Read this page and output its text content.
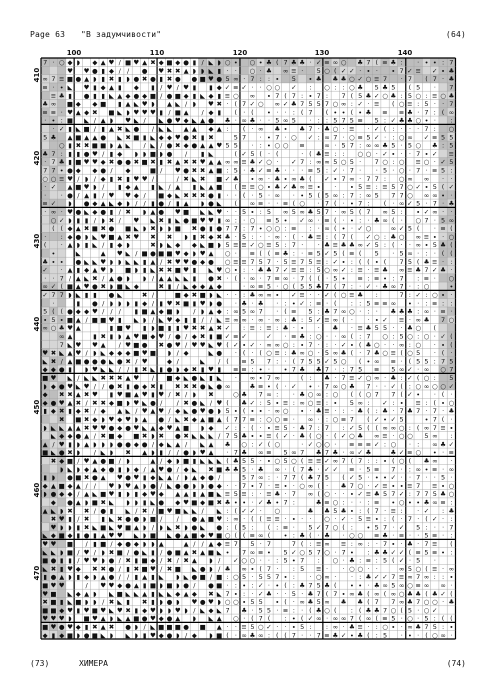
Page 63 "В задумчивости"	(64)
100	110	120	130	140
410
420
430
440
450
460
470
7 ⋅ ○ ◆ ◗ ◆ ▲ ♥ / ■ ♥ ▲ ✖ ◆ ■ ◆ ● ▮ / ◣ ◗ ○ ∙ ○ ∙ ♣ ( 7 ♣ ♣ ⋅ ✓ ≡ ∞ ○ ♣ 7 ( ≡ ♣ : · ∙ ∙ : 7
♥ ♥ ● ▮ ◆ / / ● ♥ ✖ ✖ ▲ ◗ ◗ ◣ ▮ ⋅ · ○ · ♣ ∞ ≡ ⋅ 5 ○ ( ✓ ✓ ⋅ ∙ ⋅ ∙ 7 ✓ ≡ ✓ ∙ ♣
∞ 7 ≡ ■ ● ▲ ◗ ▮ ✖ ▮ ◗ ● ✖ ● ▮ ✖ ● ● ■ ♥ ● 5 ∞ ⋅ 7 : : ∙ 5 ∙ ♣ ♣ ♣ ○ ✓ ○ ≡ 7 ⋅ 7 ( 7 · ♣
≡ · ∙ ◣ ♥ ▮ ◆ ▲ ▮ ◆ ▮ / ♥ / ♥ ▮ ▮ ◆ ✓ ≡ ✓ · · ○ ○ ✓ : ○ : : ○ ♣ 5 ♣ 5 ( 5 ⋅ 7
≡ ♣ ▮ ● ▮ ▮ ◣ ▲ ◆ ● ◆ ■ / ● ■ ◆ ▮ ◣ ◆ ▮ ≡ ○ ∞ ∙ 7 ( 7 : ∙ 7 : 7 ( 5 ♣ ✓ ○ ♣ : 5 ○ : ≡ ○ ♣
♣ ∞ ■ ◆ ◆ ■ ▮ ▲ ◣ ♥ ◗ ▲ ◣ / ◗ ♥ ✖ · ( 7 ✓ ○ ∞ ✓ ♣ 7 5 5 7 ○ ∞ : ✓ · ≡ ( ○ ≡ : 5 ⋅ ⋅ 7
≡ ≡ ⋅ ♥ ▲ ◆ ✖ ■ ◣ ◗ ♥ ♥ ♥ ▮ / ■ ▲ / ◆ ▮ ( ⋅ ( ∙ ⋅ ⋅ : ( 7 ( ∙ ∙ ( ∙ ♣ ≡ ≡ ♣ ⋅ 7 : ( ∞
⋅ ∙ : ■ ◣ / ▲ ◗ ♥ ◣ / ◣ ● ♥ ◆ ◣ ▲ ● ♣ · ∞ ♣ · ⋅ 5 ∞ 5 · : : 5 7 5 ≡ 5 : ✓ ♣ ♣ ○ ∙ ⋅ :
· ✓ ▮ ◣ ■ / ▮ ▲ ✖ ◣ ● / ◣ ◣ ▲ ▲ ◆ ▲ : ( · ∞ ♣ ∙ ♣ 7 ⋅ ♣ ○ · ≡ · ✓ ( : · ⋅ · 7 : ○
5 ♣ ▲ ■ ▲ ▲ ● ◣ ✖ ■ ▮ ◣ ◆ ◆ ♥ ● ✖ ▮ ✖	5 7 · ∙ 7 · ○ ✓ : ∞ 7 · ○ ≡ 5 ✓ ⋅ : ○ ∞ ✓ ≡ 5 5
○ ▮ ✖ ✖ ■ ■ ◗ ▲ ◣ / ◣ / ● ✖ ◆ ● ▲ ▲ ♥ 5 5 ⋅ : ∙ ○ ○ ≡	∞ ⋅ 5 7 : ∞ ∞ ♣ 5 · 5 ○ ♣ : 5
♣ 7 : ▮ ▮ ● ♥ / ▮ ◆ ◗ ◗ ■ ◗ ● / ▮ ◣	( ✓ 5 ( ⋅ (	⋅ ( ♣ ≡ : : ○ ○ · ✓ ∙ · · 7 ∙ ✓ ≡
⋅ 7 ♣ ▮ ■ ♥ ♥ ◆ ✖ ● ● ✖ ■ ✖ ▮ ✖ ▲ ✖ ✖ ♥ ▲ ▲ ∞ ∞ ≡ ♣ ✓ ○ ⋅ ✓ 7 : ∞ ∞ 5 ○ 5 · 7 ○ : ○ ≡ ○ · ✓ 5
7 7 ∙ ● ◆ ◆ ● / ◆	■ / ♥ ● ✖ ✖ ▲ ■ : 5 ⋅ ♣ ✓ ≡ ♣ ⋅ · ⋅ ≡ 5 : ✓ · 7 · · 5 · ○ · 7 ⋅ ≡ 5 :
○ ○ ≡ ♥ / ◗ / ◆ ▮ ✖ ▮ ♥ ♥ /	/ ✖ ◣ ✖ ■ ✓ ♣ ∙ ∞ · ♣ ∙ ∞ ♣ ( ✓ ∙ 7 ∞ · 7 7 : ○ ∞ ∞ · ·
⋅ ✓ ▲ ■ ♥ ◗ / ▮ ◆ ▲ ▮ ◣ / ▲ ▮ ◣ ▲ ■ ( ≡ ≡ ○ ∙ ♣ ✓ ♣ ∞ ≡ ∙ · ∙ 5 ≡ : ≡ 5 7 ○ ✓ ∙ 5 ( ✓
· ⋅ ● / ▲ ▮ / ♥ ♥ ◆ / ■ ◆ ◣ ✖ ✖ ✖ ● ▮ · · ( · 5 ⋅ ∞ · ∙ 5 ( 5 ∞ : 7 : ∞ 5 7 7 ○ ∞ ∞ ∙ ⋅
≡ ✓ ◗ ● ◆ ▲ ◣ ◆ ◗ / / ▮ ● / ▮ ▲ ◗ ● ◣ ( ∞ ≡ ⋅ · ≡ ( ○ · 7 ( · ∙ 7 : ( ⋅ ∞ ✓ 5 · 7 ⋅ ♣
⋅ ∞ ⋅ ♥ ● ◣ ◆ ● ▮ / ✖ ◗ ▲ ● ♥ ■ ◣ ◣ ♥ ⋅ ⋅ 5 ∙ : 5 ∞ 5 ∞ ♣ 5 7 ⋅ ∞ 5 ( 7 ∞ 5 : ∙ ✓ ∞ ⋅ ·
○ ✓ ◗ ▮ ▮ / ◗ ✖ / ♥ ◣ ✖ ▮ ◣ ● ■ ♥ ♥ ▮ ∞ : · ○ ≡ 5 ∙ ✓ ∞ · ≡ ( ⋅ ∙ : ⋅ ♣ ∞ ( ⋅ ○ 7 ⋅ 5 ∞
( ( ◆ ▲ ✖ ■ ✖ ● ■ ◣ ◗ ✖ ◗ ◗ ■ ✖ ● ▮ ● 7 7 : 7 ∙ ○ ○ : ≡ : ⋅ ∞ ( ∙ ⋅ ✓ ○	∞ ✓ 5 ( ⋅ ≡ (
⋅ : ◆ ● ◗ ◣ ♥ ■ ▲ ✖ ♥ ✖ ✖ ◗ ▮ ✖ ◆ ✖ ♣ · 5 : ⋅ ⋅ ∞ · ( ⋅ ♣ ≡ : ( 7 ( ✓ ○ : ♣ ○ ∞ ≡ ∙ ⋅ ○
( ⋅ ▲ ◗ ▮ ◣ / ▮ ◆ ◗	✖ ◗ ◣ ◆ ◆ ◣ ■ ◗ 5 ≡ ≡ ✓ ○ ≡ 5 : 7 ⋅ ⋅ ♣ ≡ ♣ ♣ ∞ ✓ 5 : ( · · ∞ ∙ 5 ♣ (
∙	◣	▲ ♥ ◣ / ■ ● ■ ■ ♥ ◆ ◗ ♥ ▲ ○ · ≡ ( ( ≡ ♣ : · ≡ 5 ✓ 5 ( ≡ ( 5 · 5 ∞ · : ⋅ ( (
♣ ∙ ∙ ● ◣ ◣ ♥ ◗ ◗ ◣ ◣ ▮ ▲ / ✖ ♥ ♥ ● ◆ ● ○ ≡ ≡ 7 5 7 ⋅ 5 ≡ 7 5 ≡ : ✓ ∙ : ( ( ∙ ( 7 5 ( ♣ ≡ · :
✓ · ▲ ▮ ◆ ▲ ♥ ◗ ■ ◗ ▮ ◣ ✖ ✖ ■ ♥ ▮ ◣ ♥ ○ ∙ : ⋅ ♣ ♣ 7 ✓ ≡ ≡ : 5 ○ ∞ ✓ : ≡ · ≡ ♣ ∞ ≡ ♣ 7 ✓ ♣ ·
⋅ ⋅ 7 / ▲ ◣ ✖ / ▲ ● ◗ ◗ / ▲ ▲ ◣ ◣ ▮ ● ✖ ⋅ ( ⋅ ∞ · 7 ≡ ∞ ⋅ 7 ( ( ⋅ 5 ∙ ≡ : ≡ ∙ : 7 : ≡ · ○
∞ ✓ ( ■ ▲ ♥ ● ✖ ◗ ■ ◣ ◆	✖ ▮ / ◣ ◆ ◆ ▲ ◆	· ∞ ≡ 5 · ○ ( 5 5 ♣ 7 ( 7 : · ✓ · ♣ ∞ 7 · : ○	∙
✓ 7 7 ◗ ◣ ▮ ▮ ● ◣	✖ /	■ ◆ ✖ ■ ◗ ◣ · · : ♣ ∞ ∞ ∙ ✓ ≡ · ⋅ ✓ ( ○ ≡ ♣ :	7 : ✓ : ○ ∙ ·
·	▮ ● / ◗ ◗ ◗ ▮ ◆ / ▮ ♥ ✖ ■ ▮ ♥ ◗ ● ⋅ ♣ · ♣ · : ∙ ✓ : ≡ ⋅ ( : : 5 ≡ ≡ ∞ ∙ ⋅ : ≡ : :
5 ( ( ● ◆ ◆ ♥ / / / ▮ ■ ▲ ◆ ■ ◗ / ◗ ▲ ◆ : ∞ 5 ∞ 7 · ( ≡ 5 : ♣ 7 ∞ ○ ⋅ : · ♣ ♣ ♣ : ∞ ⋅ ≡ ⋅
∙ 5 ∙ ■ ▲ / ■ ■ ♥ ▮ ◣ ◗ / ◣ ♥ ◆ ▮ ▮ / / ◣ ≡ ∞ ∞ ⋅ ∞ ⋅ ∞ : ♣ : 5 ✓ ≡ ∞ ( · ⋅ ∙ ✓ ≡ · ∞ ♣ 7 ○
∞ ○ ♣ ♥ ▲	▮ ■ ♥ ▮ ◗ ■ ▮ ▮ ♥ ✖ ✖ ▲ ✖ ✓ : ≡ : ≡ : ♣ ⋅ ∙ ⋅ ♣ · ≡ ♣ 5 5 ⋅ · ♣ ○ (
∞ ▲	▮ ✖ ▮ ◗ ▲ ♥ ■ ◆ ♥ / ● / ◆ ✖ ▮ ■ ✓ ≡ ✓	✓ · ≡ ♣ : ○ · ⋅ ∞ ( : 7 ○ : 5 ○ : ○ · ✓ (
7 ◣ ♥ ♥ ▲ / ♥ ■ ● ✖ ● ♥ / ♥ ♥ ◣ ♥ ( ✓ ∙ ✓ · ∞ ∞ ○ : ∙ 7 ⋅ : ⋅ ✓ ∙ ( ♣ ○ · ⋅ ∞ : ○ · ∙ (
♥ ✖ ◣ ▲ ♥ / ◗ ◣ ◆ ◆ ◆ ■ ♥ ■ ◗ / ◆	◣ ● ⋅ ( · ( ○ ≡ : ♣ ∞ ○ ⋅ 5 ∞ ♣ ( ⋅ 7 ♣ ○ ≡ ( ○ 5 ⋅ ( ⋅
◣ ✖ / ▲ ■ ● ● ● ◣ ● ✖ / ♥	◆ /	◣ / ( ≡ 5 7 : · ( 7 5 5 ✓ 5 ○ ( ∙ ∞ ≡ · ( 5 5 : 7 5
◆ ◆ ● ▮ ◗ ♥ ◣ ◣ / / ▮ ✖ ◣ ▮ ● ◗ ◆ ✖ ▮ ♥ ▮ ≡ ≡ : ∙ · ∙ 7 ♣ ♣ 7 ⋅ : 7 5 ≡ 5 ∞ ✓ · ∞ ○ 7
■ ♥ ◣ / ◣ ◣ ✖ ✖ ✖ ▲ ♥ / ■ ◆ ◣ ● ◣ ▮ ◣ ⋅ ∞ ∙ 7 ∞	( : ♣ ⋅ 7 ≡ ✓ ○ ∞ ⋅ ♣ : ✓ ( ○ : 5
◗ ◆ ● ♥ ◣ ♥ / / ● ✖ ▮ ● ◆ ✖ ▮ ✖ ✖ ✖ ● ◣ ● ∞	♣ ≡ ∙ ( · ✓ ∙ ⋅ 7 ∞ ○ ♣ 7 · · ✓ ( : ○ ∞ ○ ○ ✓
◆ ✖ ✖ ▲ ✖ ♥ ▮ ♥ ■ ▲ ♥ ▮ ♥ / ✖ / ◗ ✖	○ ♣ 7 ∞ : · ♣ ○ ∞ : ○ ( ( ○ 7 7 ( ✓ ∙ ⋅ ( ⋅
◆ ● ♥ ▲ ✖ / ✖ ✖ ◆ ■ ◗ ♥ ◣ ● / / ✖ ● ◣ / ♥ ( ♣ ✓ : 5 ∙ ≡ : ∞ ○ ≡ : ∙ 5 ∞ : ✓ : ∙ ≡ : ( ∙ ○
▮ ◆ ✖ ▮ ◆ ✖ / ◆ ▲ ◣ / ♥ ▲ ♥ / ◆ ◣ ● ♥ ● ◗ 5 ∙ ( ∙ ∙ ⋅ ∞ ○ ∙ ⋅ ♣ ≡ ⋅ : ⋅ ♣ ( : ♣ ⋅ 7 ♣ 7 ⋅ 7 ⋅ ♣
✖ ■ ✖ ◆ ◗ ♥ ◆ ♥ ◗ ▲ ● / ◣ ✖ ◆ ▲ ■ ▲ ( 7 7 ≡ : ○ ○ ≡ · ∞ · : ○ ≡ 7 ( ✓ ∙ ✓ 5	∙ 7 ( ·
◗ ◣ ◣ ▲ ▲ ✖ ♥ ♥ ● ◆ ● ♥ ◣ ▲ ◆ ♥ ▲ ■ ◗ ◆ ✓ : · ( · ∙ ≡ 5 ⋅ ♣ 7 : 7 : ✓ 5 ( ( ∞ ∞ ○ : ( ∞ 7 ≡ ∙
◣ ◆ ◆ ● ▲ / ✖ ■ ◆ ■ ✖ ◗ ✖ ● ✖ ◣ ◣ ◣ / 7 5 ♣ ∙ ∙ ≡ ( ✓ · ♣ ( ○ ⋅ ( ✓ ○ ♣ ∞ ≡ ⋅ ○ ○ 5 ∞ :
▲ / ♥ ▮ ◗ ▲ ◗ ◗ ◗ ● ● ◆ ● / ◆ ◣ ▲ / ◣ ▲ ♣ ○ : ✓ ( ○	⋅ ✓ ○ ○ · ≡ ≡ ≡ ✓ : ○ ⋅ : ∞ ♣ ✓
■ ◣ ● ✖ ◗ / ◣ ◗ ✖ ▲ ◗ ▮ / / ● ◗ ♥ ▲ · 7 ♣ ∞ ≡ 5 ∞ 7 ♣ 7 ♣ · ∞ ✓ ♣	♣ ✓ ≡ ○ ∙ ⋅ ≡
✖ ◆ ■ / ♥ ▲ ● ■ / ◗	▲ / ◆ ◗ ■ ▮ ◣ ◣ ◣ ( ♣ 5 5 ⋅ ∙ ○ 5 ○ ( ≡ ≡ ✓ ∞ 7 ( 7 : : ∙ ( ○ ( ♣ ∞ ·
◗ ◣ ◗ ◆ ▲ ◆ ● ▮ ◗ ◆ / ▲ ♥ ● / ◆ ◣ ✖ ■ ♣ ♣ 5 ⋅ ♣ ∞ · ( 7 ♣ · ✓ ✓ ≡ · 5 ≡ 7 · : ∞ ∙ ≡ ⋅ ∞
▮ ◗ ● ■ ✖ ● ▲ ♥ ● ♥ ▮ ◆ ◣ ▲ / ◗ ▲ ◆ ● /	5 7 ∞ : · 7 7 ( ♣ 7 5 ( ✓ 5 ⋅ ∙ ∙ ✓ · ⋅ 7 · · 5 ·
◆ ▲ ■ ◆ ▲ / / ♥ ◗ ♥ ▲ ◗ ● / ◣ ● ● ◗ ◗ ● ◆ ⋅ ⋅ 7 ∙ 7 ⋅ ≡ ∙ · ○ ∞ ( ⋅ ♣ 7 ○ ⋅ ✓ ≡ ∙ ∙ ≡ 7 ≡ ∙ ○
◗ ● ◆ ◆ / ▲ ◣ ■ ♥ ▮ ◗ ▮ ◆ ♥ ◆ ▲ ▲ ▮ ▲ ■ ◣ ≡ 5 ≡ : · ≡ ♣ ⋅ 7 ∞ ( ○ · ⋅ ∙ ✓ ≡ ♣ 5 7 ✓ : 7 7 5 ♣ ○
◆ ● ▲ ◗ ■ ✖ ◣ ◗ ◗ ▮ ◣ ● ◆ ♥ ■ ◆ ■ ✖ ♣ ∙ ∙ ⋅ ✓ ♣ ∙ 7 :	♣ ≡ ○ : · ⋅ : ≡ ∙ ○ ∙ ∙ ♣ ∞ ≡ :
▲ ◣ ◗ ✖ ✖ / ● ▮ ◣ / ✖ / ■ ♥ ■ ◣ ◣ / ◣ : ( ✓ ✓ ⋅ ○	♣ ♣ 5 ♣ ∙ : ( 7 ⋅ ≡ : · ✓ : ♣
✖ ♥ ▮ / ✖ ▮ ◣ ✖ ● ● ◗ ■ / / ● ▲ ■ ♥ : ∞ · ( ( ≡ ≡ ⋅ ∙ · · ○ ⋅ ✓ · 5 ≡ ∙ : ( · 7 ⋅ ( ✓ · :
♥ ◗ ◗ ▮ ✖ ◣ ■ ◣ ♥ ■ ▲ ◗ / ◗ ◣ ✖ ◗ ● ◣ ● : ( 5 : ( : ≡ · 5 ✓ 7 ○ ( : ∙ 5 7 ⋅ ✓ 5 : ⋅ ⋅ 7
◣ ◆ ■ ◆ ▮ ● ▮ ▲ ♥ ♥ ◣ ◗ ■ ◣ ● ▲ ■ ◆ ♥ ■ ○ ( ( ≡ ∞ ( ∙ : ♣ ( · ♣ · ○ ○ ≡ ♣ · ≡ ⋅ ⋅ 5 ≡ ⋅ :
♥ ♥ ■ / ▮ ■ / ◆ ● ◆ ◗ ◗ ▲	▲ / / ▲ ◆ ≡ 7 5 ⋅ 7	7 ( : ≡ ∞ ≡ : ∞ : ⋅ 7 ∙ · ♣ · 7 ≡ (
◣ ◣ ◗ ■ / ♥ / ◗ ✖ ■ / ● ◣ ▮ / ● ■ ▲ ✖ ▲ ■ ◣ ∙ 7 ∞ ≡ ∙ 5 ✓ ○ 5 7 ○ ⋅ 7 ∙ : ♣ ♣ ✓ ✓ ( ≡ 5 ≡ ∙ :
■ ● ▮ ▮ / ♥ ♥ ◗ ● / ✖ ▮ ■ ◆ / ✖ / ✖ ▲ ◗ / ✓ ○ ○ ⋅ · : 5 ∙ 7 : ○ · ♣ : ≡ : 5 ( ✓ ⋅ 5 ⋅
◣ ✖ ▮ ♥ ◆ ✖ ✖ ● / ▮ ✖ ■ ♥ / ✖ ■ ◣ ● ◗ / ♣ ∞ ∙ ( 7 ⋅ : 5 ≡ · · ○ ○ ⋅ ·	∞ 5 ○ ( ≡ · ∞
▮ ● ▲ ◗ ▮ ◆ ◗ ▲ ● / / ▮ ▲ ▮ ◣ ◗ ◣ ● ■ / ■ : ○ 5 · 5 5 7 ∙ : ⋅ ○ ∞ · ⋅ : ♣ ✓ ✓ 7 ≡ ∞ 7 ∞ : : ∙
■ ♥ ♥	/ ♥ ♥ ◆ ● ▲ ▮ ■ ◗ ■ ◗ ● / ● ■ · : ∙ : ✓ · ∙ ( : ♣ 7 5 ♣ ( ∙ ∙ ⋅ ♣ ∞ 5 ∞ ○ ≡ ∞ ∞ ⋅
♥ ■ ◣ ◆ ▲ ◗ ◣ ■ ◣ ◣ ▲ ▮ ◣ ◣ ◆ ▲ ◆ ✖ ◣ 7 ∙ : · ✓ ♣ ⋅ · 5 ⋅ ♣ 7 ( 7 ∙ ∞ ♣ ( ∞ ( ∞ ○ ♣ ♣ ( ♣ ✓ (
✖ ■ ▮ ◣ ■ ◗ ◗ / ✖ ◣ ▮ ✖ ▮ ◗ ● ◗ ♥ ● ♥ ◗ ○ ○ ∙ 5 5 ∙ ( · ∞ ♣ 5 ∞ ♣ ♣ ( 7 7 ∞ ♣ 7 ○ ○ ⋅ ♣
■ ■ ◆ ♥ ▮ ♥ ■ ♥ ◣ ♥ ✖ ▮ ◆ ♥ ◗ ◗ ♥ ◗ / ◣ ◆ ◣ 7 ♣ ⋅ 5 5 ⋅ ≡ : · ( ♣ ○ ( : ( ♣ ♣ 7 ○ ( 5 ⋅ ○ ✓
♥ ♥ ♥ ◗ ■ ♥ ▲ ◗ ◣ ▲ ■ ● ♥ ◆ ● ▲ ◗ ◣ ▲ ○ ⋅ ( 7 ( : ∙ ( ✓ ∞ ⋅ ∞ ∞ 7 ( ∞ ( ≡ 5 ⋅ ○ · 5 : ( (
■ ♥ ● ♥ ◆ ▮ ✖ ▲ ✖ ● ◗ / ◣ ■ ■ ■ ● ■ ▲ ⋅ ⋅ ≡ 5 ○ ✓ · · ∙ 5 : : ∞ · ♣ ≡ ⋅ : ○ ∙ ⋅ ∞ ♣ 7 5 : ∙
◆ ▮ ◆ ■ ◗ ● ■ ◣ ◗ ◣ ◗ ▮ ♥ ◆ ● ◗ / ◆ ◗ ■ ( ⋅ ∞ ♣ ∞ : ( ( 7 · · 7 ≡ ♣ ✓ ∙ ♣ ( : 5 ⋅ ∙ · ( ○ ∞ ⋅
(73)	ХИМЕРА	(74)
